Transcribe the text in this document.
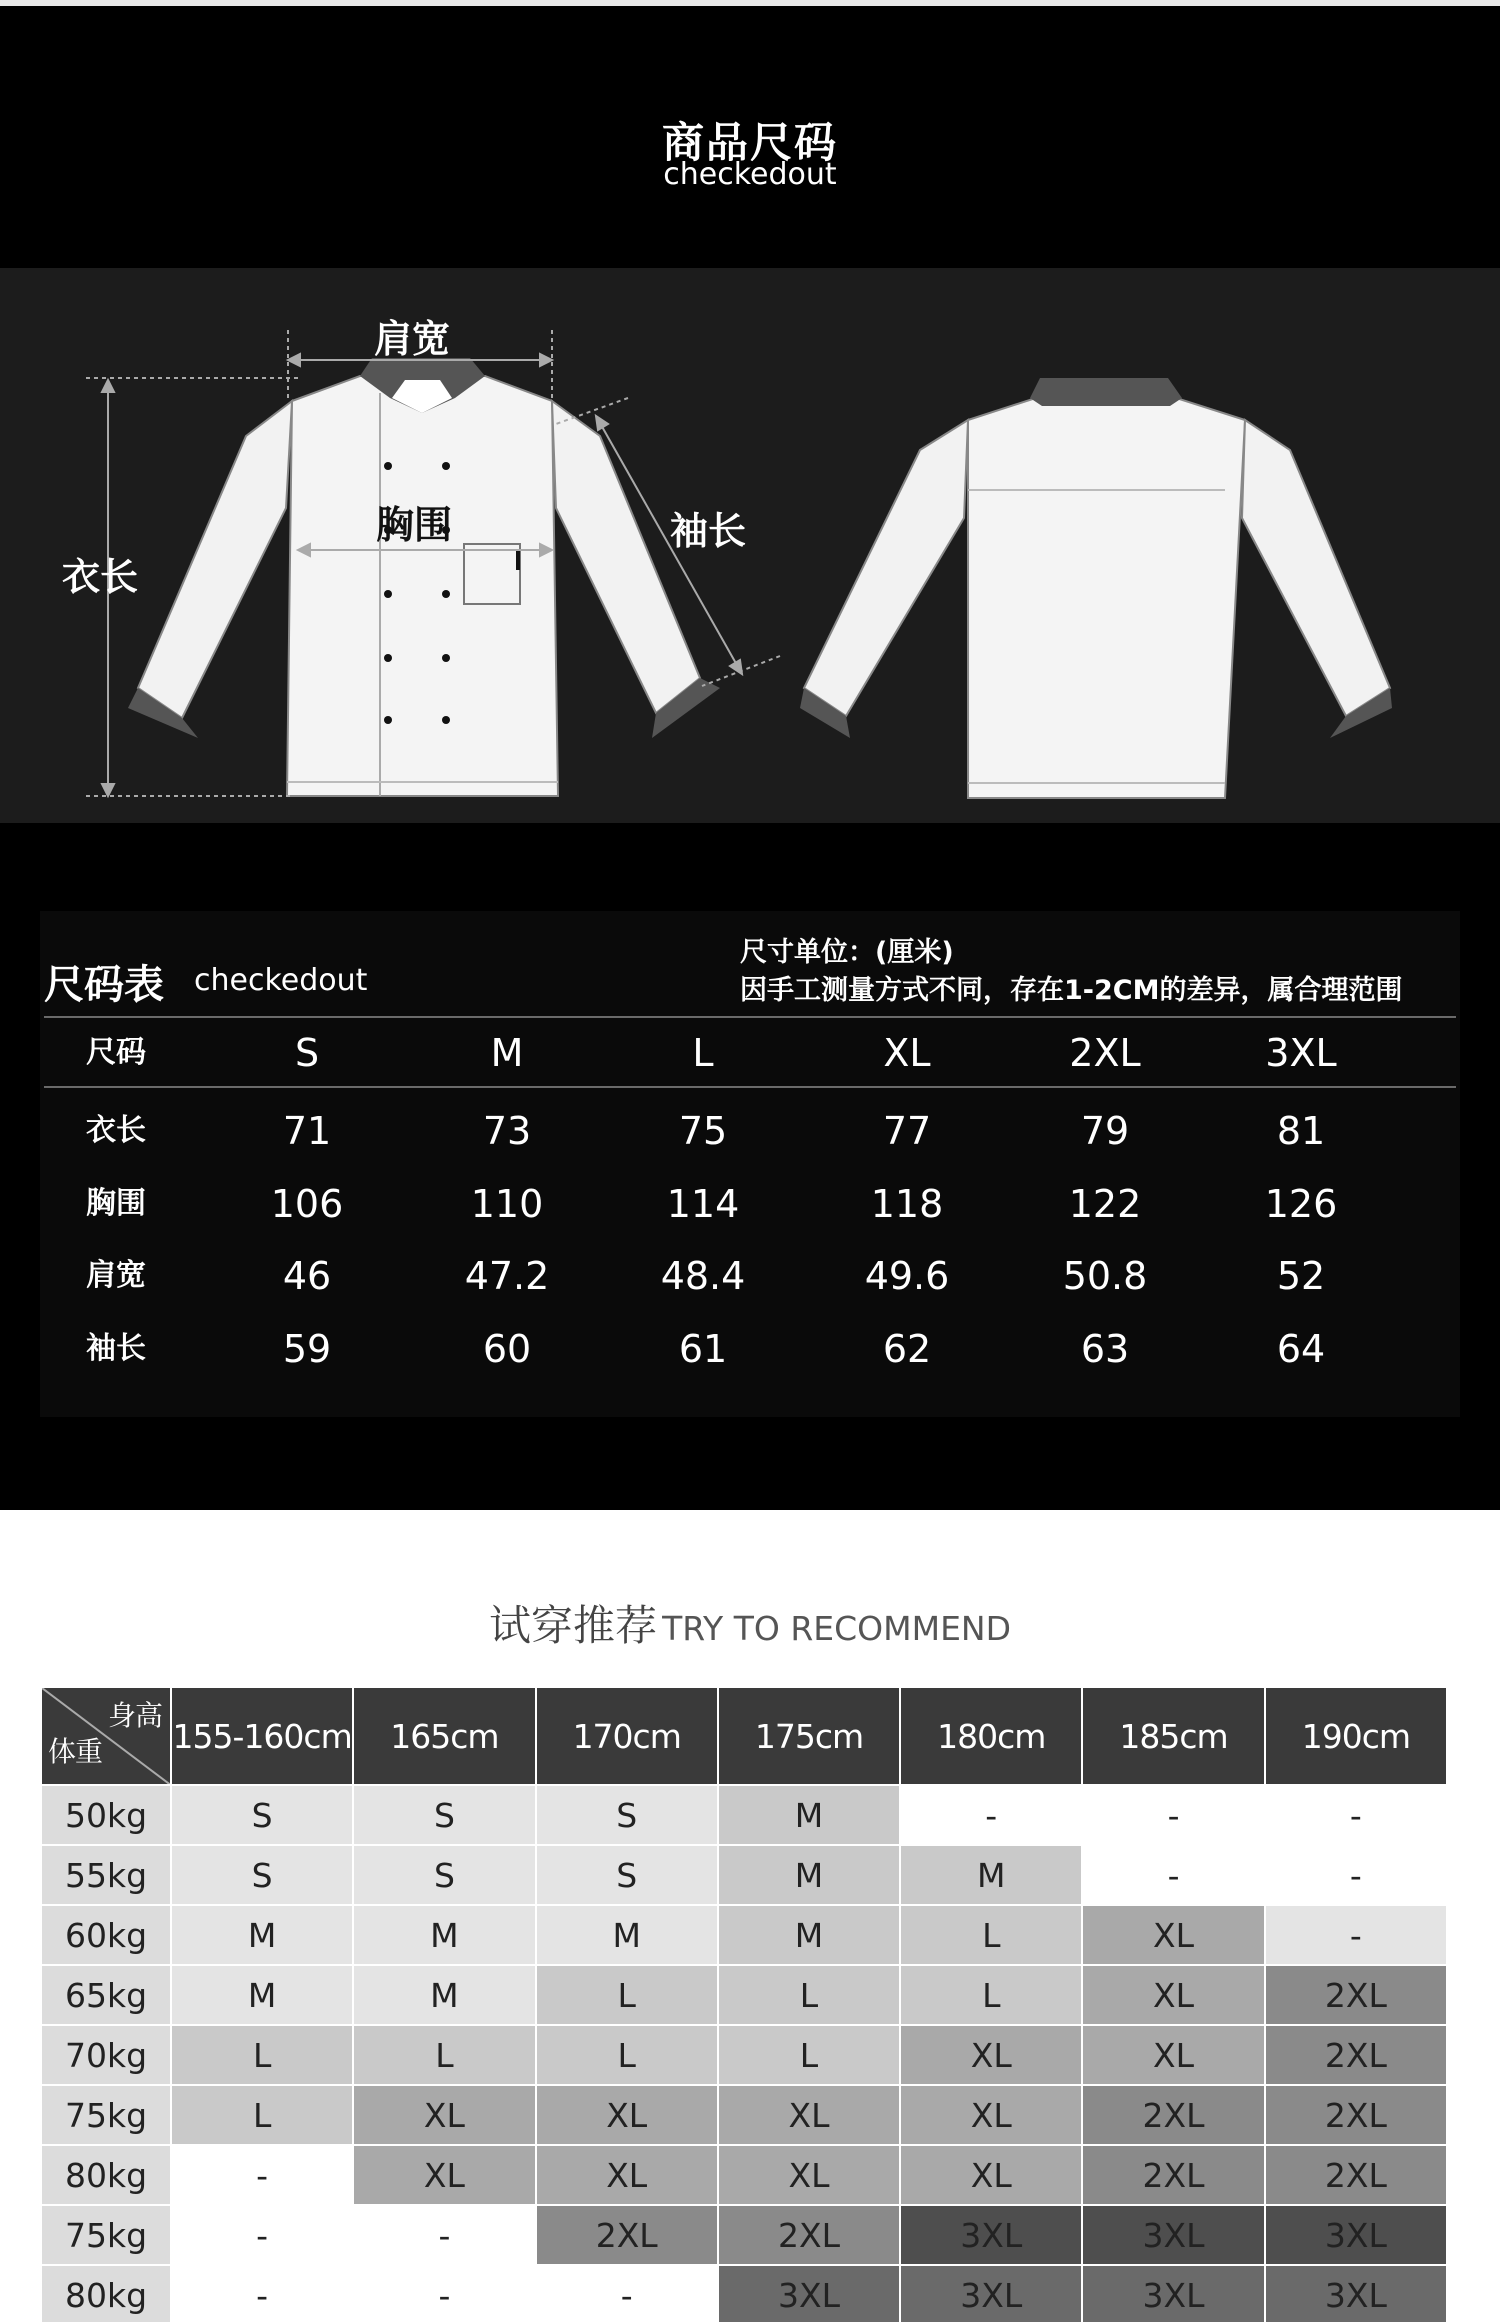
商品尺码
checkedout
肩宽
衣长
胸围	袖长
尺码表 checkedout
尺寸单位：(厘米)
因手工测量方式不同，存在1-2CM的差异，属合理范围
尺码	S	M	L	XL	2XL	3XL
衣长	71	73	75	77	79	81
胸围	106	110	114	118	122	126
肩宽	46	47.2	48.4	49.6	50.8	52
袖长	59	60	61	62	63	64
试穿推荐 TRY TO RECOMMEND
身高
体重	155-160cm	165cm	170cm	175cm	180cm	185cm	190cm
50kg	S	S	S	M	-	-	-
55kg	S	S	S	M	M	-	-
60kg	M	M	M	M	L	XL	-
65kg	M	M	L	L	L	XL	2XL
70kg	L	L	L	L	XL	XL	2XL
75kg	L	XL	XL	XL	XL	2XL	2XL
80kg	-	XL	XL	XL	XL	2XL	2XL
75kg	-	-	2XL	2XL	3XL	3XL	3XL
80kg	-	-	-	3XL	3XL	3XL	3XL
